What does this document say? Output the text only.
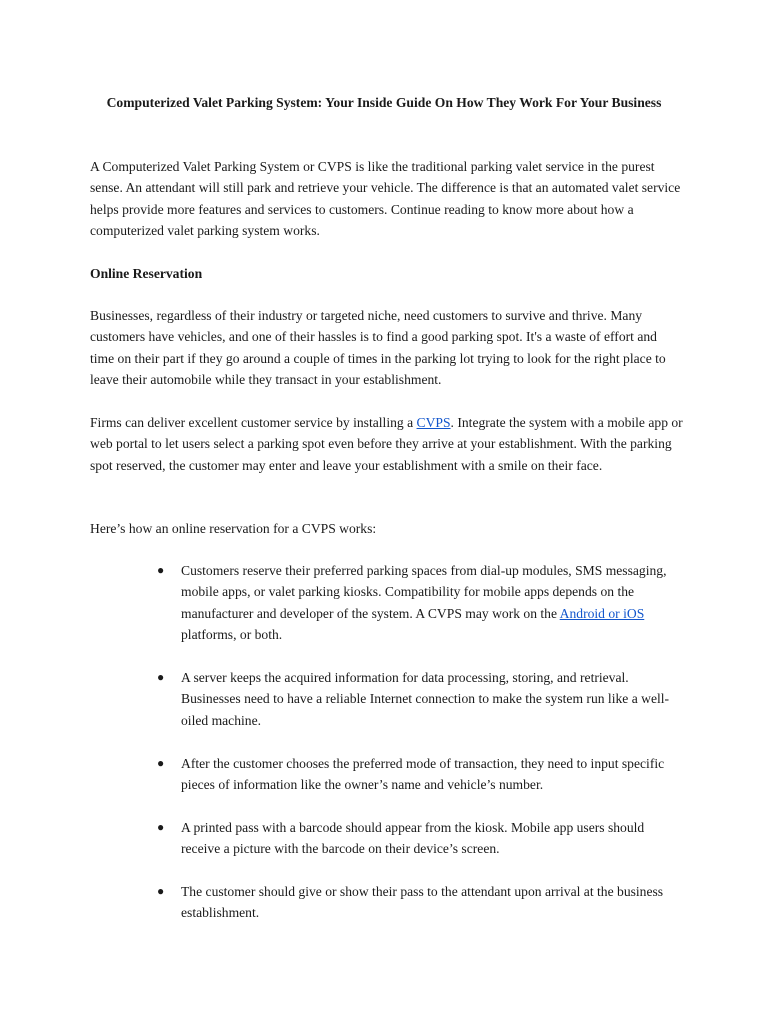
Computerized Valet Parking System: Your Inside Guide On How They Work For Your Business

A Computerized Valet Parking System or CVPS is like the traditional parking valet service in the purest sense. An attendant will still park and retrieve your vehicle. The difference is that an automated valet service helps provide more features and services to customers. Continue reading to know more about how a computerized valet parking system works.

Online Reservation

Businesses, regardless of their industry or targeted niche, need customers to survive and thrive. Many customers have vehicles, and one of their hassles is to find a good parking spot. It's a waste of effort and time on their part if they go around a couple of times in the parking lot trying to look for the right place to leave their automobile while they transact in your establishment.

Firms can deliver excellent customer service by installing a CVPS. Integrate the system with a mobile app or web portal to let users select a parking spot even before they arrive at your establishment. With the parking spot reserved, the customer may enter and leave your establishment with a smile on their face.

Here’s how an online reservation for a CVPS works:

● Customers reserve their preferred parking spaces from dial-up modules, SMS messaging, mobile apps, or valet parking kiosks. Compatibility for mobile apps depends on the manufacturer and developer of the system. A CVPS may work on the Android or iOS platforms, or both.
● A server keeps the acquired information for data processing, storing, and retrieval. Businesses need to have a reliable Internet connection to make the system run like a well-oiled machine.
● After the customer chooses the preferred mode of transaction, they need to input specific pieces of information like the owner’s name and vehicle’s number.
● A printed pass with a barcode should appear from the kiosk. Mobile app users should receive a picture with the barcode on their device’s screen.
● The customer should give or show their pass to the attendant upon arrival at the business establishment.
